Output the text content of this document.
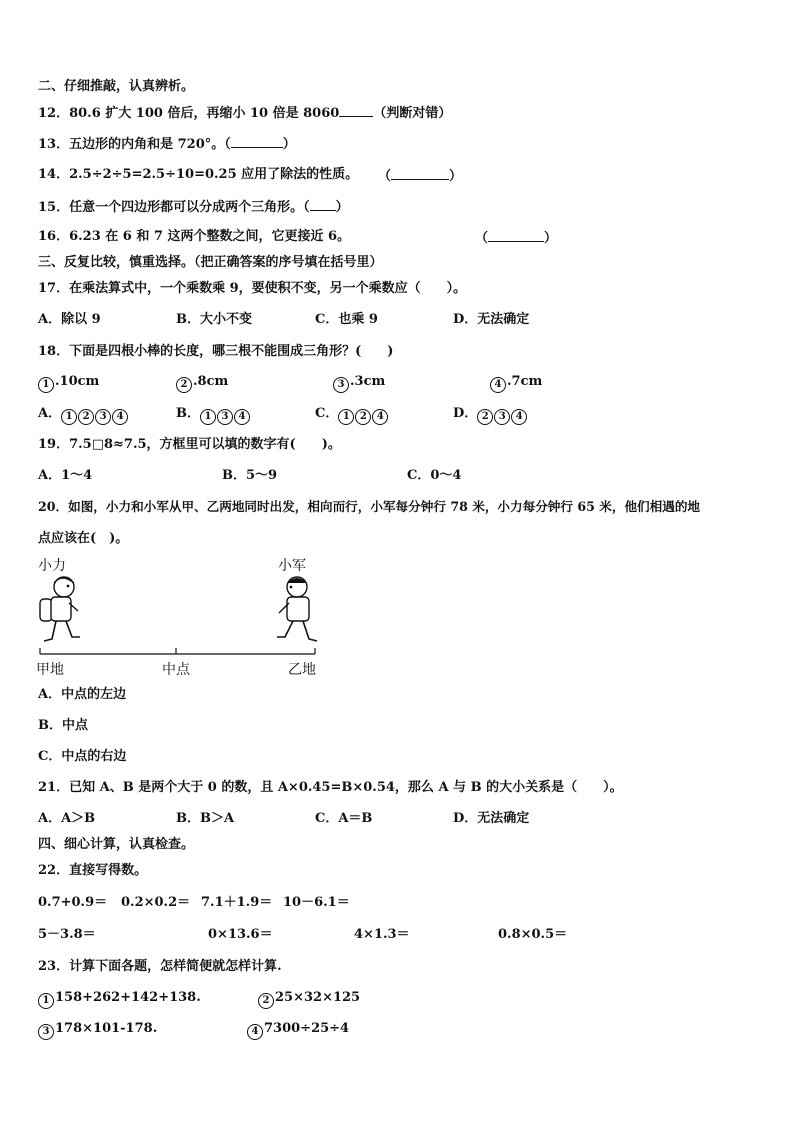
二、仔细推敲，认真辨析。
12．80.6 扩大 100 倍后，再缩小 10 倍是 8060	（判断对错）
13．五边形的内角和是 720°。（	）
14．2.5÷2÷5=2.5÷10=0.25 应用了除法的性质。 （	）
15．任意一个四边形都可以分成两个三角形。（ ）
16．6.23 在 6 和 7 这两个整数之间，它更接近 6。	（	）
三、反复比较，慎重选择。（把正确答案的序号填在括号里）
17．在乘法算式中，一个乘数乘 9，要使积不变，另一个乘数应（　　）。
A．除以 9	B．大小不变	C．也乘 9	D．无法确定
18．下面是四根小棒的长度，哪三根不能围成三角形？(　　)
1 .10cm	2 .8cm	3 .3cm	4 .7cm
A． 1 2 3 4	B． 1 3 4	C． 1 2 4	D． 2 3 4
19．7.5□8≈7.5，方框里可以填的数字有(　　)。
A．1～4	B．5～9	C．0～4
20．如图，小力和小军从甲、乙两地同时出发，相向而行，小军每分钟行 78 米，小力每分钟行 65 米，他们相遇的地
点应该在(　)。
小力	小军
甲地	中点	乙地
A．中点的左边
B．中点
C．中点的右边
21．已知 A、B 是两个大于 0 的数，且 A×0.45=B×0.54，那么 A 与 B 的大小关系是（　　）。
A．A＞B	B．B＞A	C．A＝B	D．无法确定
四、细心计算，认真检查。
22．直接写得数。
0.7+0.9＝ 0.2×0.2＝ 7.1＋1.9＝ 10－6.1＝
5－3.8＝	0×13.6＝	4×1.3＝	0.8×0.5＝
23．计算下面各题，怎样简便就怎样计算.
1 158+262+142+138.	2 25×32×125
3 178×101-178.	4 7300÷25÷4
